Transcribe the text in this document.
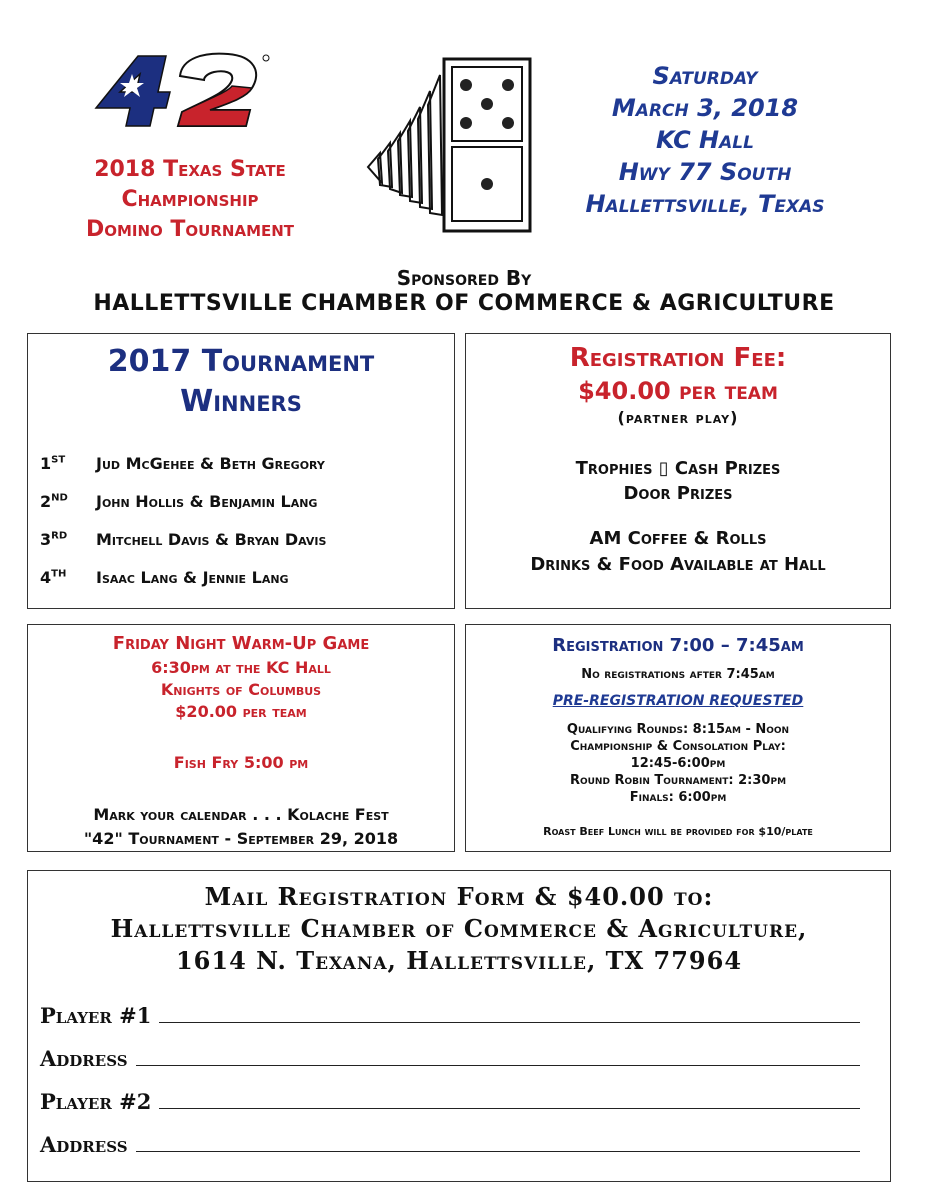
2018 Texas State
Championship
Domino Tournament
Saturday
March 3, 2018
KC Hall
Hwy 77 South
Hallettsville, Texas
Sponsored By
HALLETTSVILLE CHAMBER OF COMMERCE & AGRICULTURE
2017 Tournament
Winners
1ST Jud McGehee & Beth Gregory
2ND John Hollis & Benjamin Lang
3RD Mitchell Davis & Bryan Davis
4TH Isaac Lang & Jennie Lang
Registration Fee:
$40.00 per team
(partner play)
Trophies ▯ Cash Prizes
Door Prizes
AM Coffee & Rolls
Drinks & Food Available at Hall
Friday Night Warm-Up Game
6:30pm at the KC Hall
Knights of Columbus
$20.00 per team
Fish Fry 5:00 pm
Mark your calendar . . . Kolache Fest
"42" Tournament - September 29, 2018
Registration 7:00 – 7:45am
No registrations after 7:45am
PRE-REGISTRATION REQUESTED
Qualifying Rounds: 8:15am - Noon
Championship & Consolation Play:
12:45-6:00pm
Round Robin Tournament: 2:30pm
Finals: 6:00pm
Roast Beef Lunch will be provided for $10/plate
Mail Registration Form & $40.00 to:
Hallettsville Chamber of Commerce & Agriculture,
1614 N. Texana, Hallettsville, TX 77964
Player #1
Address
Player #2
Address
